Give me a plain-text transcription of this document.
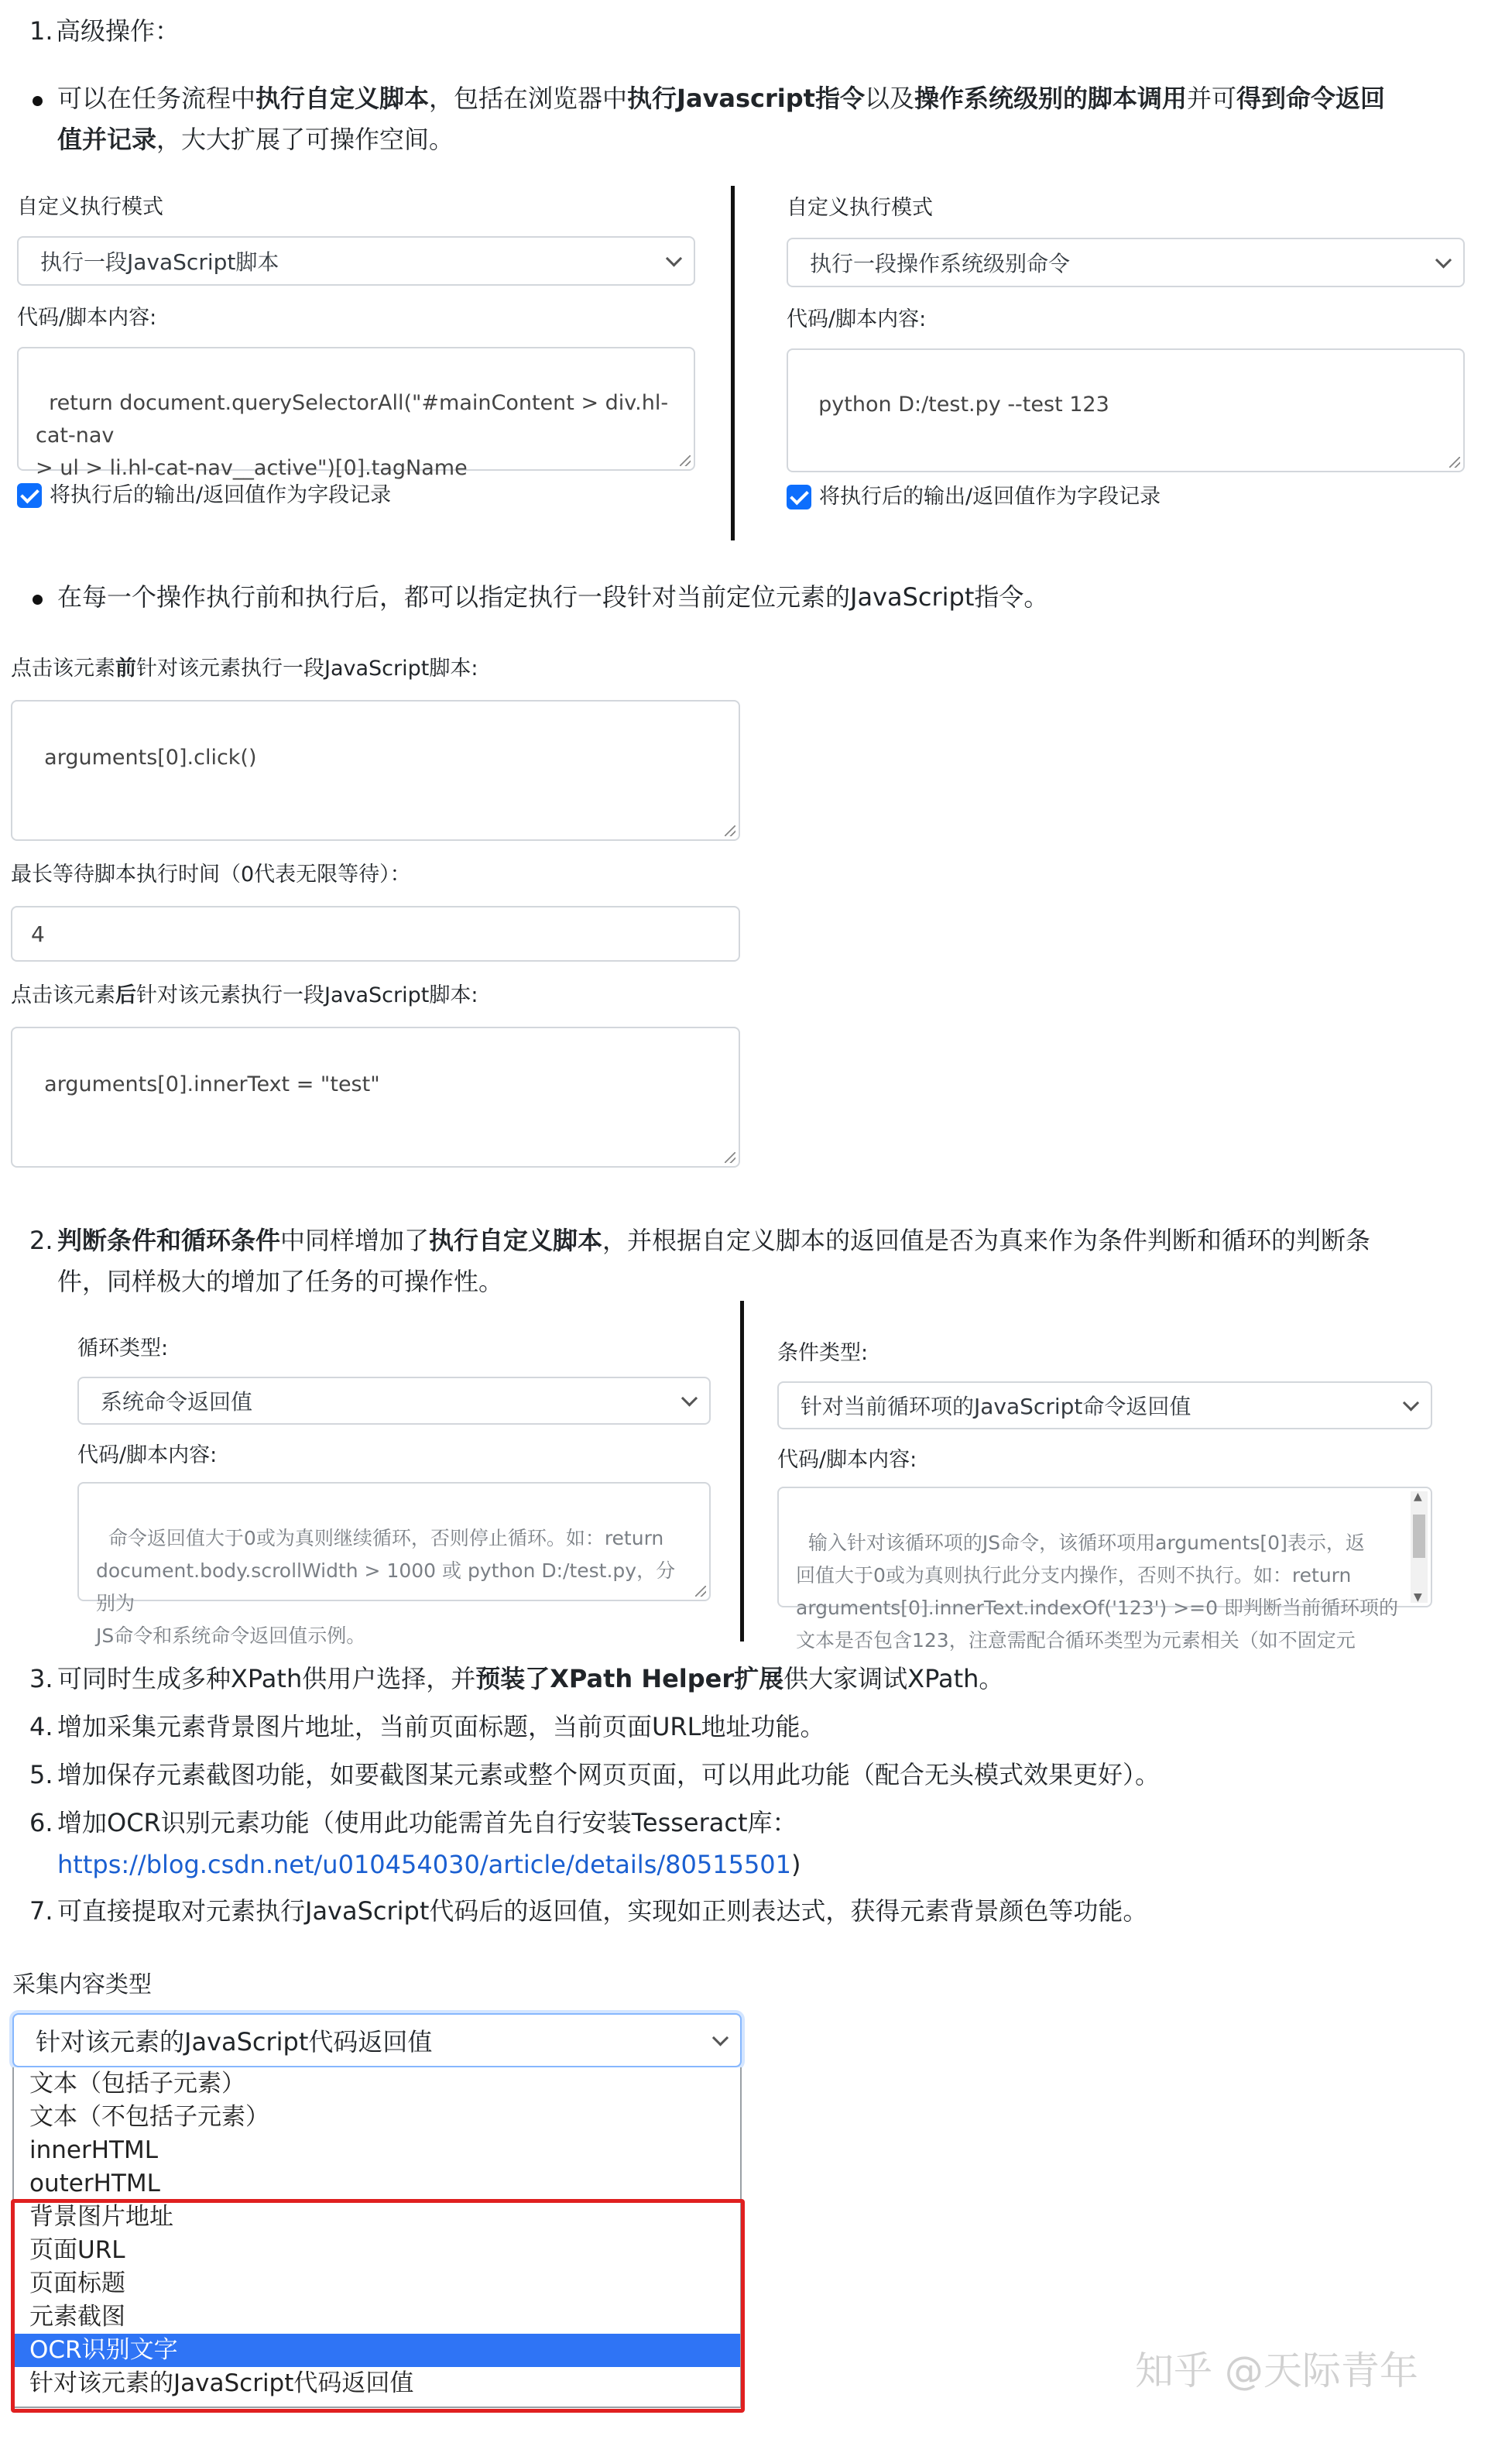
1. 高级操作：
可以在任务流程中执行自定义脚本，包括在浏览器中执行Javascript指令以及操作系统级别的脚本调用并可得到命令返回
值并记录，大大扩展了可操作空间。
自定义执行模式
执行一段JavaScript脚本
代码/脚本内容:

return document.querySelectorAll("#mainContent > div.hl-cat-nav
> ul > li.hl-cat-nav__active")[0].tagName

将执行后的输出/返回值作为字段记录
自定义执行模式
执行一段操作系统级别命令
代码/脚本内容:

python D:/test.py --test 123

将执行后的输出/返回值作为字段记录
在每一个操作执行前和执行后，都可以指定执行一段针对当前定位元素的JavaScript指令。
点击该元素前针对该元素执行一段JavaScript脚本:

arguments[0].click()

最长等待脚本执行时间（0代表无限等待）：
4
点击该元素后针对该元素执行一段JavaScript脚本:

arguments[0].innerText = "test"

2. 判断条件和循环条件中同样增加了执行自定义脚本，并根据自定义脚本的返回值是否为真来作为条件判断和循环的判断条
件，同样极大的增加了任务的可操作性。
循环类型:
系统命令返回值
代码/脚本内容:

命令返回值大于0或为真则继续循环，否则停止循环。如：return
document.body.scrollWidth > 1000 或 python D:/test.py，分别为
JS命令和系统命令返回值示例。

条件类型:
针对当前循环项的JavaScript命令返回值
代码/脚本内容:

输入针对该循环项的JS命令，该循环项用arguments[0]表示，返
回值大于0或为真则执行此分支内操作，否则不执行。如：return
arguments[0].innerText.indexOf('123') >=0 即判断当前循环项的
文本是否包含123，注意需配合循环类型为元素相关（如不固定元

▲

▼

3. 可同时生成多种XPath供用户选择，并预装了XPath Helper扩展供大家调试XPath。
4. 增加采集元素背景图片地址，当前页面标题，当前页面URL地址功能。
5. 增加保存元素截图功能，如要截图某元素或整个网页页面，可以用此功能（配合无头模式效果更好）。
6. 增加OCR识别元素功能（使用此功能需首先自行安装Tesseract库：
https://blog.csdn.net/u010454030/article/details/80515501)
7. 可直接提取对元素执行JavaScript代码后的返回值，实现如正则表达式，获得元素背景颜色等功能。
采集内容类型
针对该元素的JavaScript代码返回值
文本（包括子元素）
文本（不包括子元素）
innerHTML
outerHTML
背景图片地址
页面URL
页面标题
元素截图
OCR识别文字
针对该元素的JavaScript代码返回值	知乎 @天际青年
